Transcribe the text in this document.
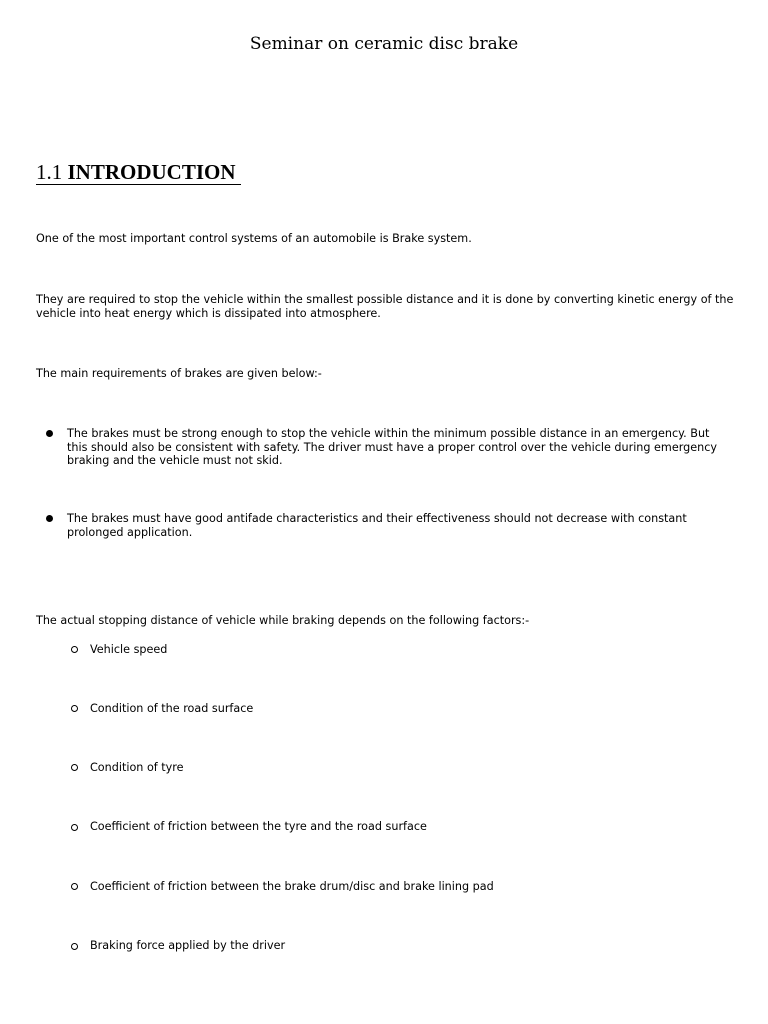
Seminar on ceramic disc brake
1.1 INTRODUCTION
One of the most important control systems of an automobile is Brake system.
They are required to stop the vehicle within the smallest possible distance and it is done by converting kinetic energy of the vehicle into heat energy which is dissipated into atmosphere.
The main requirements of brakes are given below:-
The brakes must be strong enough to stop the vehicle within the minimum possible distance in an emergency. But this should also be consistent with safety. The driver must have a proper control over the vehicle during emergency braking and the vehicle must not skid.
The brakes must have good antifade characteristics and their effectiveness should not decrease with constant prolonged application.
The actual stopping distance of vehicle while braking depends on the following factors:-
Vehicle speed
Condition of the road surface
Condition of tyre
Coefficient of friction between the tyre and the road surface
Coefficient of friction between the brake drum/disc and brake lining pad
Braking force applied by the driver
